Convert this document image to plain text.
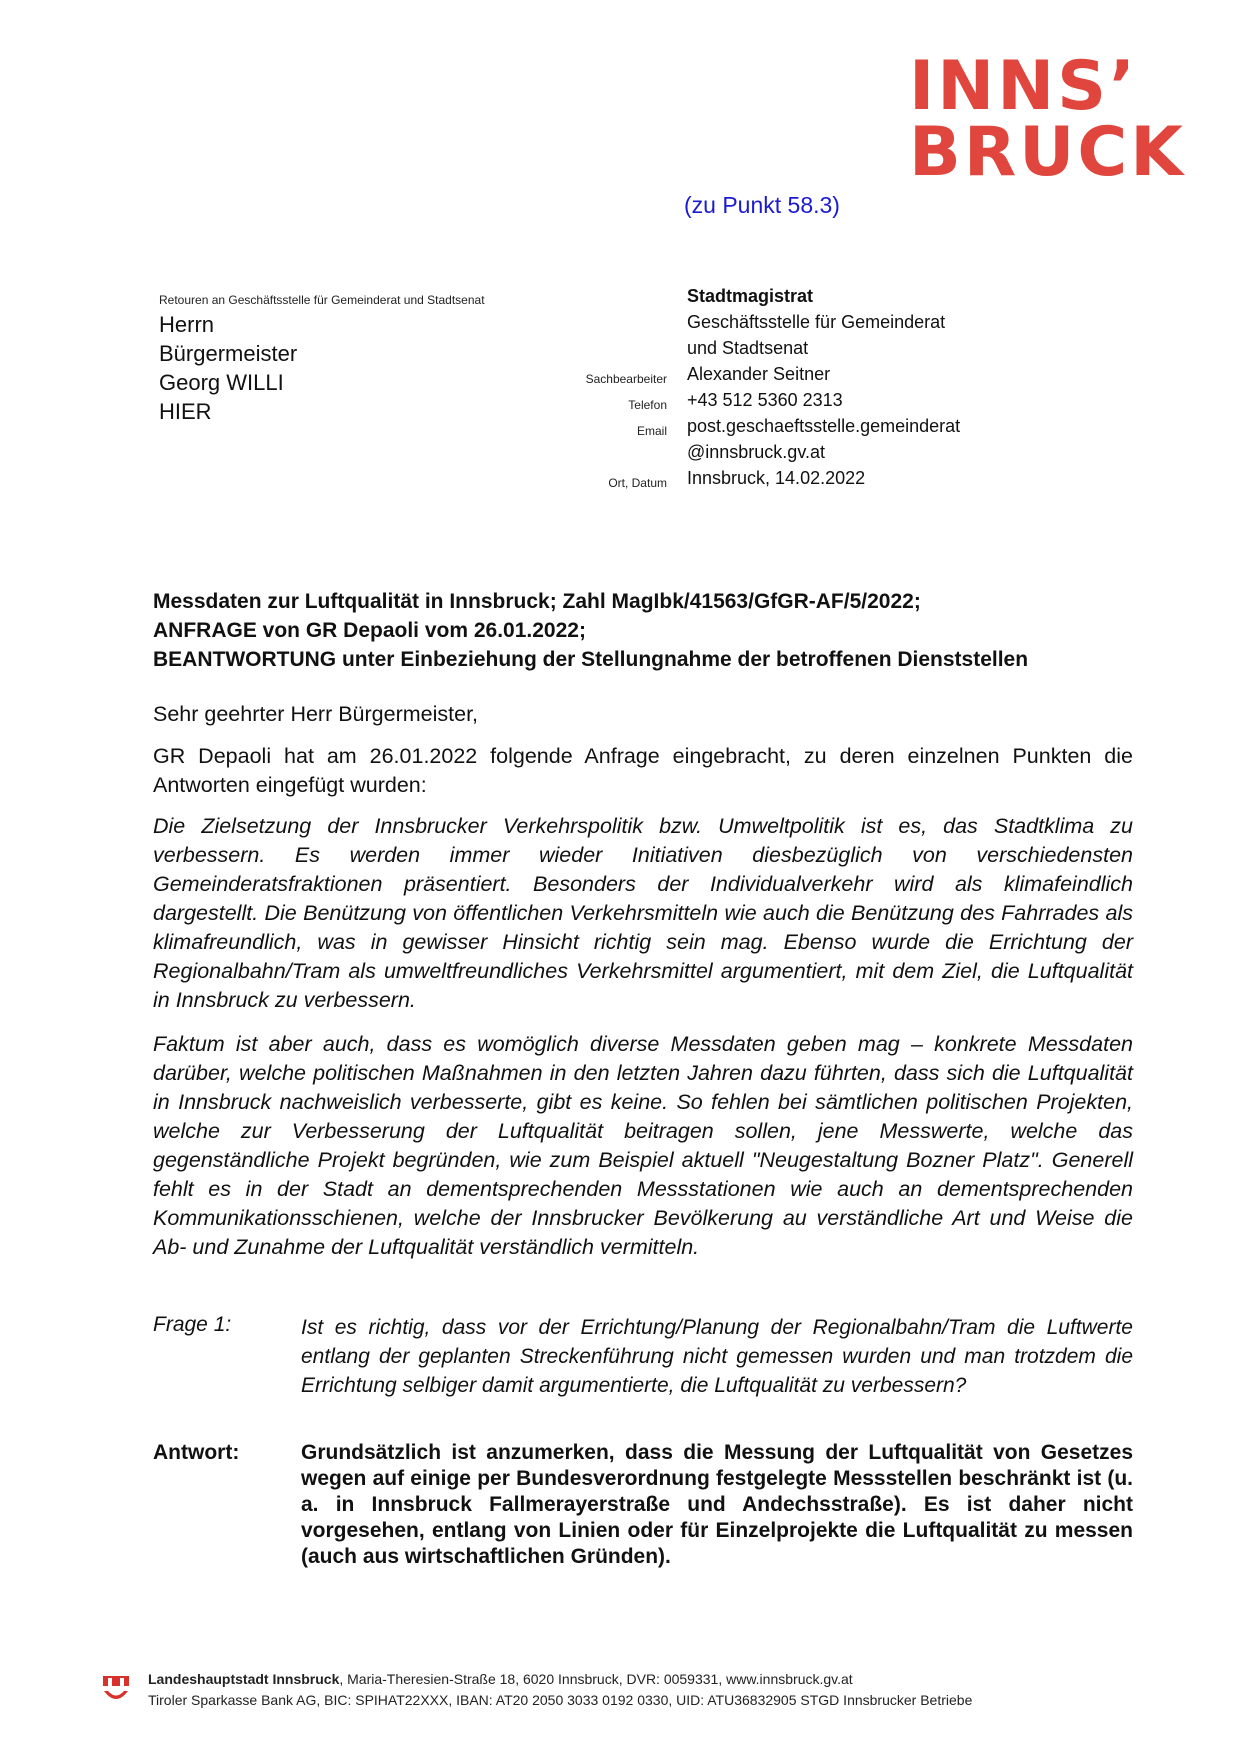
INNS’
BRUCK
(zu Punkt 58.3)
Retouren an Geschäftsstelle für Gemeinderat und Stadtsenat
Herrn
Bürgermeister
Georg WILLI
HIER
Stadtmagistrat
Geschäftsstelle für Gemeinderat
und Stadtsenat
Sachbearbeiter Alexander Seitner
Telefon +43 512 5360 2313
Email post.geschaeftsstelle.gemeinderat
@innsbruck.gv.at
Ort, Datum Innsbruck, 14.02.2022
Messdaten zur Luftqualität in Innsbruck; Zahl MagIbk/41563/GfGR-AF/5/2022;
ANFRAGE von GR Depaoli vom 26.01.2022;
BEANTWORTUNG unter Einbeziehung der Stellungnahme der betroffenen Dienststellen
Sehr geehrter Herr Bürgermeister,
GR Depaoli hat am 26.01.2022 folgende Anfrage eingebracht, zu deren einzelnen Punkten die Antworten eingefügt wurden:
Die Zielsetzung der Innsbrucker Verkehrspolitik bzw. Umweltpolitik ist es, das Stadtklima zu verbessern. Es werden immer wieder Initiativen diesbezüglich von verschiedensten Gemeinderatsfraktionen präsentiert. Besonders der Individualverkehr wird als klimafeindlich dargestellt. Die Benützung von öffentlichen Verkehrsmitteln wie auch die Benützung des Fahrrades als klimafreundlich, was in gewisser Hinsicht richtig sein mag. Ebenso wurde die Errichtung der Regionalbahn/Tram als umweltfreundliches Verkehrsmittel argumentiert, mit dem Ziel, die Luftqualität in Innsbruck zu verbessern.
Faktum ist aber auch, dass es womöglich diverse Messdaten geben mag – konkrete Messdaten darüber, welche politischen Maßnahmen in den letzten Jahren dazu führten, dass sich die Luftqualität in Innsbruck nachweislich verbesserte, gibt es keine. So fehlen bei sämtlichen politischen Projekten, welche zur Verbesserung der Luftqualität beitragen sollen, jene Messwerte, welche das gegenständliche Projekt begründen, wie zum Beispiel aktuell "Neugestaltung Bozner Platz". Generell fehlt es in der Stadt an dementsprechenden Messstationen wie auch an dementsprechenden Kommunikationsschienen, welche der Innsbrucker Bevölkerung au verständliche Art und Weise die Ab- und Zunahme der Luftqualität verständlich vermitteln.
Frage 1:	Ist es richtig, dass vor der Errichtung/Planung der Regionalbahn/Tram die Luftwerte entlang der geplanten Streckenführung nicht gemessen wurden und man trotzdem die Errichtung selbiger damit argumentierte, die Luftqualität zu verbessern?
Antwort:	Grundsätzlich ist anzumerken, dass die Messung der Luftqualität von Gesetzes wegen auf einige per Bundesverordnung festgelegte Messstellen beschränkt ist (u. a. in Innsbruck Fallmerayerstraße und Andechsstraße). Es ist daher nicht vorgesehen, entlang von Linien oder für Einzelprojekte die Luftqualität zu messen (auch aus wirtschaftlichen Gründen).
Landeshauptstadt Innsbruck, Maria-Theresien-Straße 18, 6020 Innsbruck, DVR: 0059331, www.innsbruck.gv.at
Tiroler Sparkasse Bank AG, BIC: SPIHAT22XXX, IBAN: AT20 2050 3033 0192 0330, UID: ATU36832905 STGD Innsbrucker Betriebe
